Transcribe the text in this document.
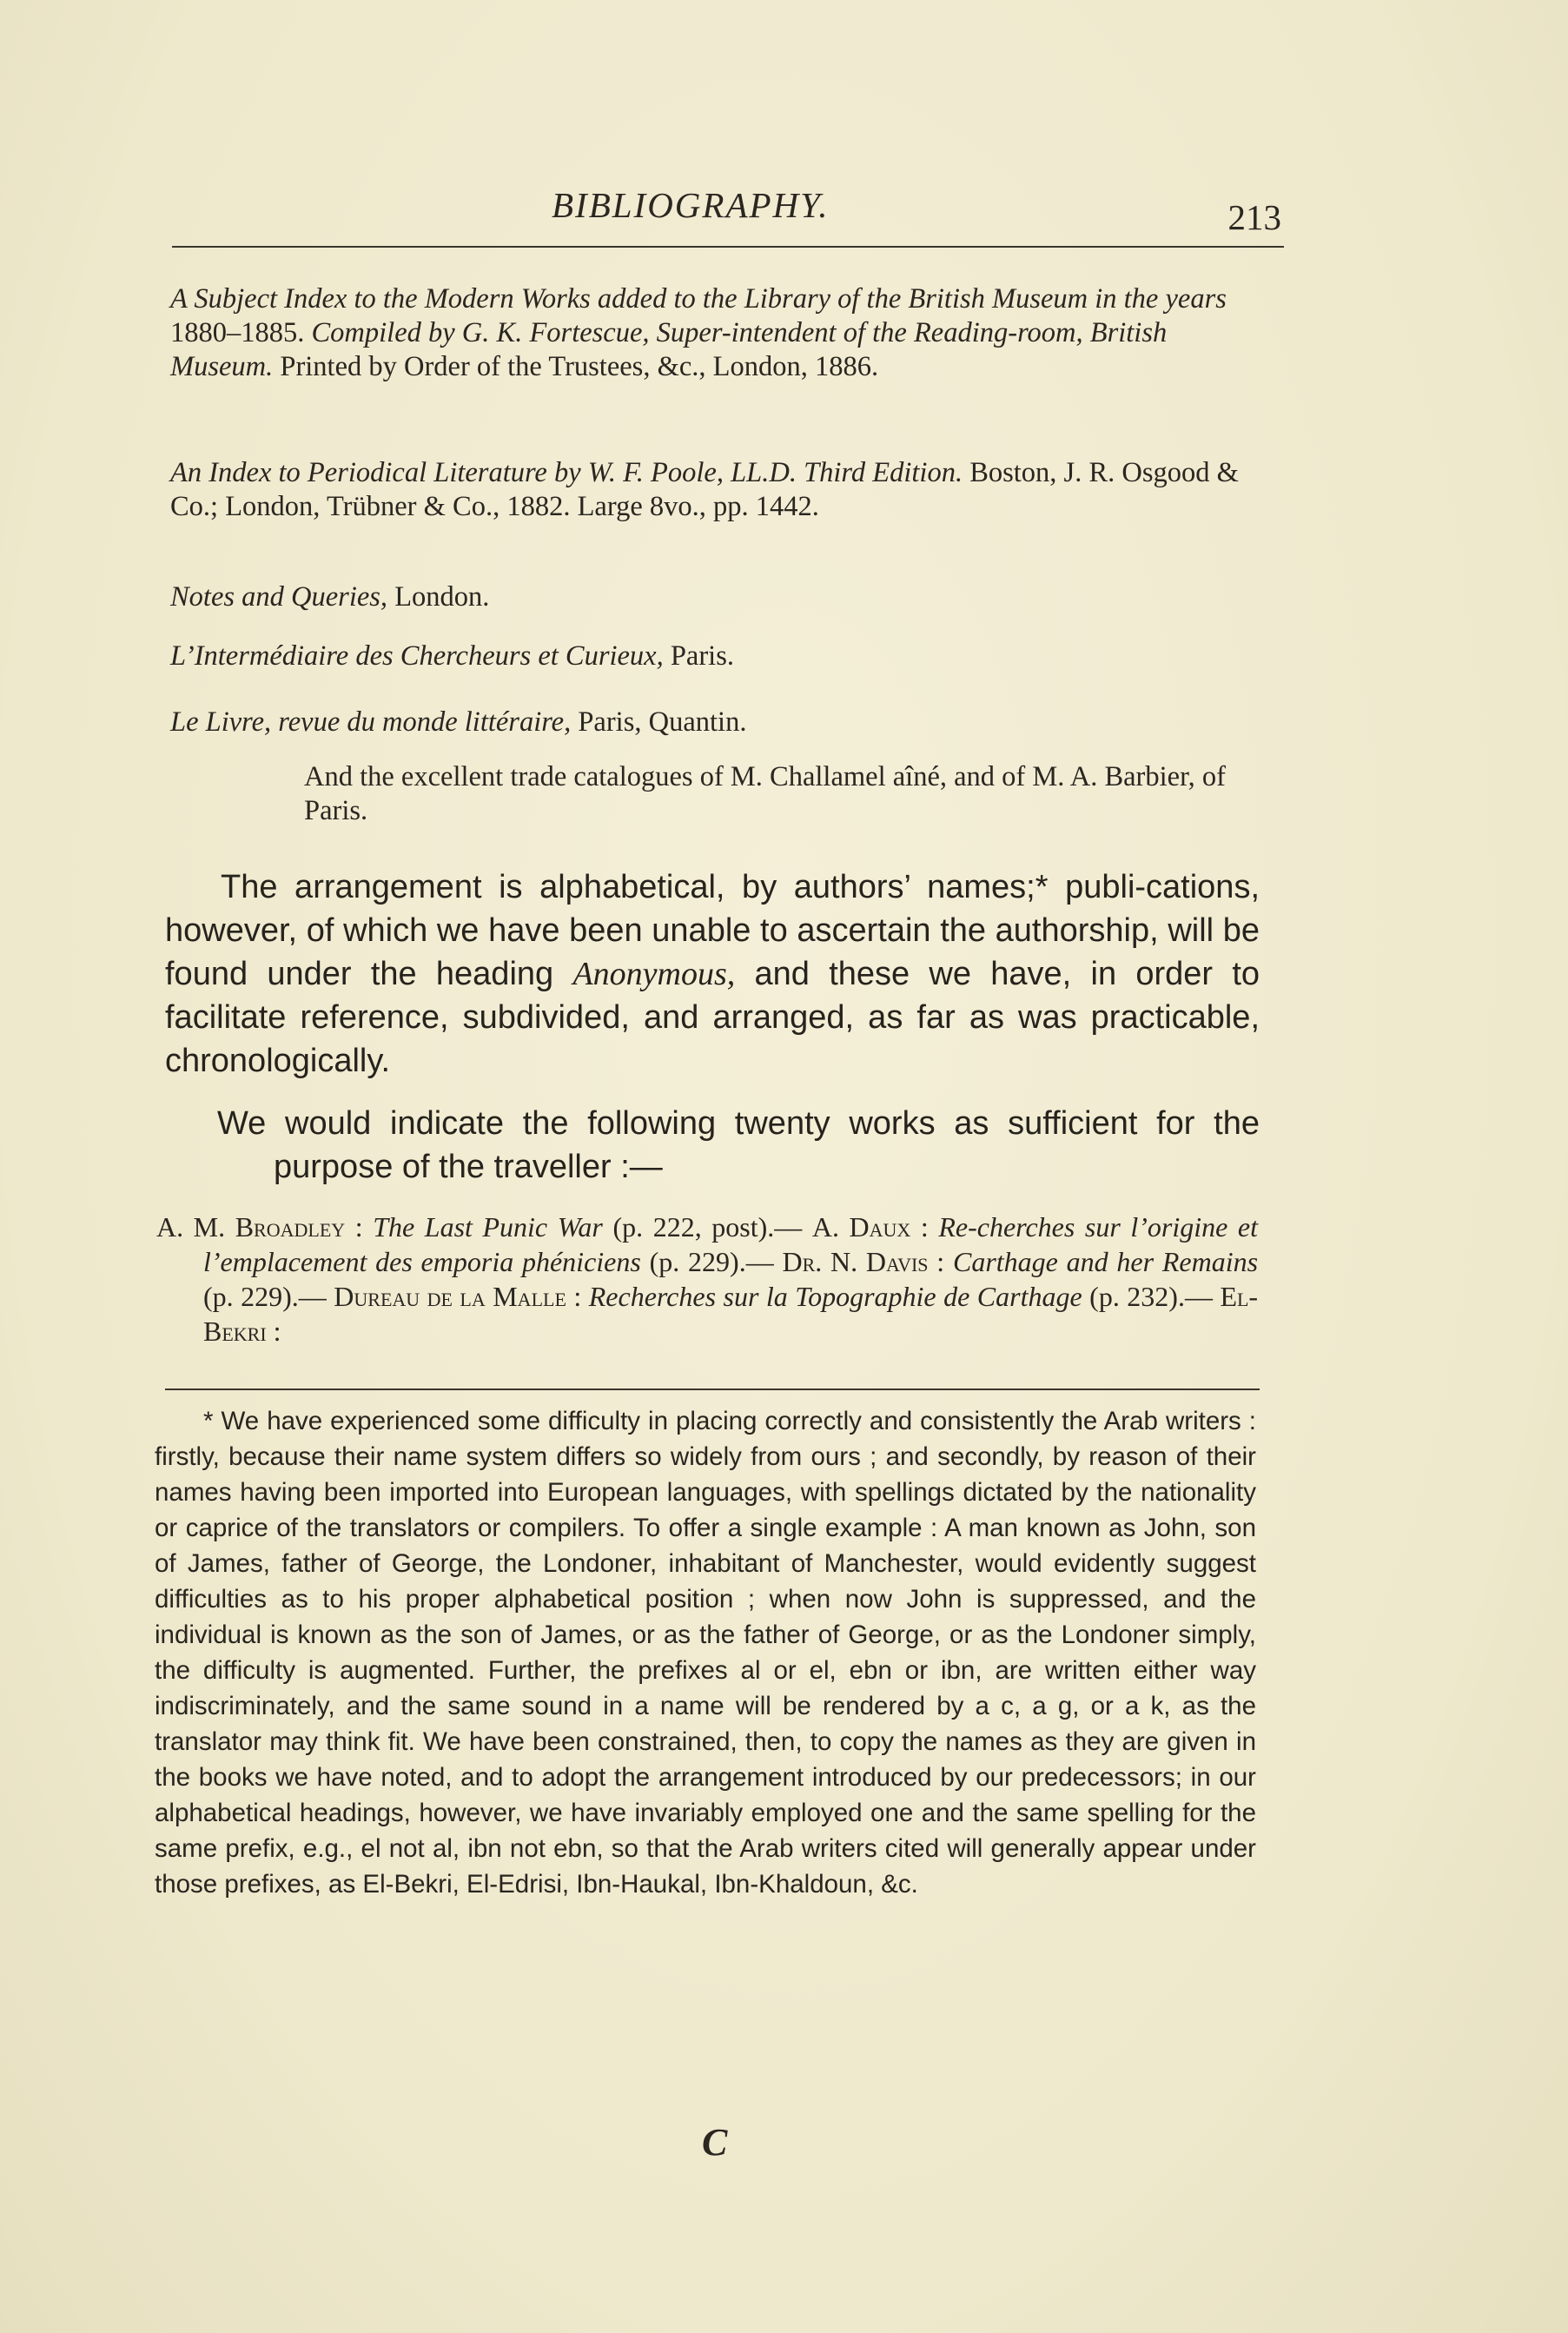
BIBLIOGRAPHY.	213
A Subject Index to the Modern Works added to the Library of the British Museum in the years 1880–1885. Compiled by G. K. Fortescue, Super-intendent of the Reading-room, British Museum. Printed by Order of the Trustees, &c., London, 1886.
An Index to Periodical Literature by W. F. Poole, LL.D. Third Edition. Boston, J. R. Osgood & Co.; London, Trübner & Co., 1882. Large 8vo., pp. 1442.
Notes and Queries, London.
L’Intermédiaire des Chercheurs et Curieux, Paris.
Le Livre, revue du monde littéraire, Paris, Quantin.
And the excellent trade catalogues of M. Challamel aîné, and of M. A. Barbier, of Paris.

The arrangement is alphabetical, by authors’ names;* publi-cations, however, of which we have been unable to ascertain the authorship, will be found under the heading Anonymous, and these we have, in order to facilitate reference, subdivided, and arranged, as far as was practicable, chronologically.

We would indicate the following twenty works as sufficient for the purpose of the traveller :—

A. M. Broadley : The Last Punic War (p. 222, post).— A. Daux : Re-cherches sur l’origine et l’emplacement des emporia phéniciens (p. 229).— Dr. N. Davis : Carthage and her Remains (p. 229).— Dureau de la Malle : Recherches sur la Topographie de Carthage (p. 232).— El-Bekri :

* We have experienced some difficulty in placing correctly and consistently the Arab writers : firstly, because their name system differs so widely from ours ; and secondly, by reason of their names having been imported into European languages, with spellings dictated by the nationality or caprice of the translators or compilers. To offer a single example : A man known as John, son of James, father of George, the Londoner, inhabitant of Manchester, would evidently suggest difficulties as to his proper alphabetical position ; when now John is suppressed, and the individual is known as the son of James, or as the father of George, or as the Londoner simply, the difficulty is augmented. Further, the prefixes al or el, ebn or ibn, are written either way indiscriminately, and the same sound in a name will be rendered by a c, a g, or a k, as the translator may think fit. We have been constrained, then, to copy the names as they are given in the books we have noted, and to adopt the arrangement introduced by our predecessors; in our alphabetical headings, however, we have invariably employed one and the same spelling for the same prefix, e.g., el not al, ibn not ebn, so that the Arab writers cited will generally appear under those prefixes, as El-Bekri, El-Edrisi, Ibn-Haukal, Ibn-Khaldoun, &c.

C
